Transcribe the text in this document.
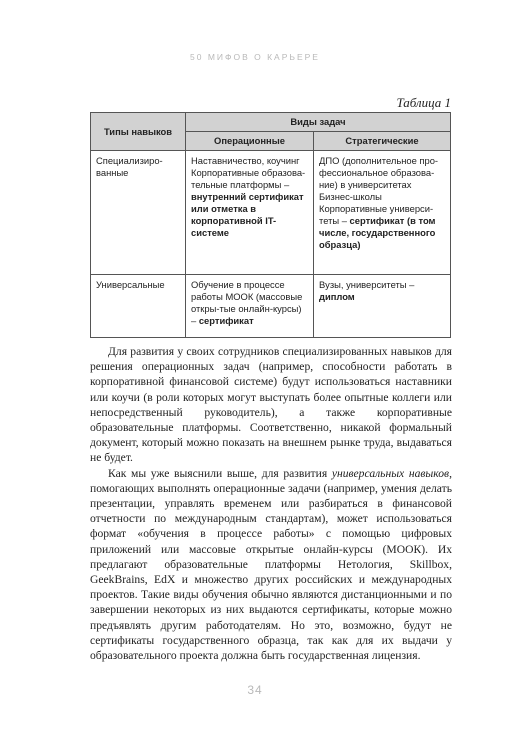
50 МИФОВ О КАРЬЕРЕ
Таблица 1
Типы навыков	Виды задач	
	Операционные	Стратегические
Специализиро-ванные	Наставничество, коучинг Корпоративные образова-тельные платформы – внутренний сертификат или отметка в корпоративной IT-системе	ДПО (дополнительное про-фессиональное образова-ние) в университетах Бизнес-школы Корпоративные универси-теты – сертификат (в том числе, государственного образца)
Универсальные	Обучение в процессе работы МООК (массовые откры-тые онлайн-курсы) – сертификат	Вузы, университеты – диплом

Для развития у своих сотрудников специализированных навыков для решения операционных задач (например, способности работать в корпоративной финансовой системе) будут использоваться наставники или коучи (в роли которых могут выступать более опытные коллеги или непосредственный руководитель), а также корпоративные образовательные платформы. Соответственно, никакой формальный документ, который можно показать на внешнем рынке труда, выдаваться не будет.

Как мы уже выяснили выше, для развития универсальных навыков, помогающих выполнять операционные задачи (например, умения делать презентации, управлять временем или разбираться в финансовой отчетности по международным стандартам), может использоваться формат «обучения в процессе работы» с помощью цифровых приложений или массовые открытые онлайн-курсы (МООК). Их предлагают образовательные платформы Нетология, Skillbox, GeekBrains, EdX и множество других российских и международных проектов. Такие виды обучения обычно являются дистанционными и по завершении некоторых из них выдаются сертификаты, которые можно предъявлять другим работодателям. Но это, возможно, будут не сертификаты государственного образца, так как для их выдачи у образовательного проекта должна быть государственная лицензия.

34
